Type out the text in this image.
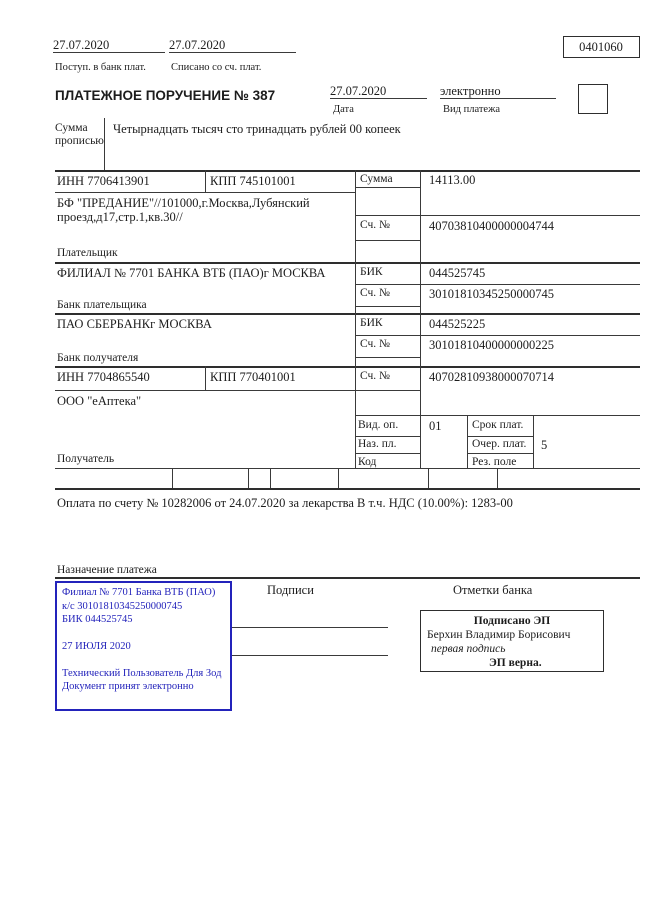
27.07.2020
Поступ. в банк плат.
27.07.2020
Списано со сч. плат.
0401060
ПЛАТЕЖНОЕ ПОРУЧЕНИЕ № 387	27.07.2020
Дата
электронно
Вид платежа
Сумма прописью
Четырнадцать тысяч сто тринадцать рублей 00 копеек
ИНН 7706413901	КПП 745101001
БФ "ПРЕДАНИЕ"//101000,г.Москва,Лубянский проезд,д17,стр.1,кв.30//
Плательщик
Сумма	14113.00
Сч. №	40703810400000004744
ФИЛИАЛ № 7701 БАНКА ВТБ (ПАО)г МОСКВА
Банк плательщика
БИК	044525745
Сч. №	30101810345250000745
ПАО СБЕРБАНКг МОСКВА
Банк получателя
БИК	044525225
Сч. №	30101810400000000225
ИНН 7704865540	КПП 770401001
ООО "еАптека"
Получатель
Сч. №	40702810938000070714
Вид. оп. 01	Срок плат.
Наз. пл.	Очер. плат. 5
Код	Рез. поле
Оплата по счету № 10282006 от 24.07.2020 за лекарства В т.ч. НДС (10.00%): 1283-00
Назначение платежа
Филиал № 7701 Банка ВТБ (ПАО)
к/с 30101810345250000745
БИК 044525745
27 ИЮЛЯ 2020
Технический Пользователь Для Зод
Документ принят электронно
Подписи	Отметки банка
Подписано ЭП
Берхин Владимир Борисович
первая подпись
ЭП верна.
